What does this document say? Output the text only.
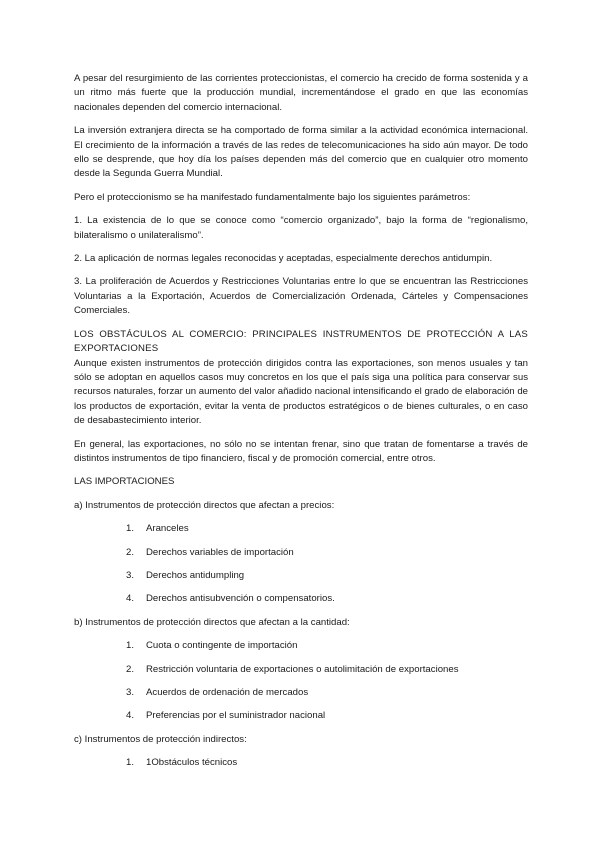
A pesar del resurgimiento de las corrientes proteccionistas, el comercio ha crecido de forma sostenida y a un ritmo más fuerte que la producción mundial, incrementándose el grado en que las economías nacionales dependen del comercio internacional.

La inversión extranjera directa se ha comportado de forma similar a la actividad económica internacional. El crecimiento de la información a través de las redes de telecomunicaciones ha sido aún mayor. De todo ello se desprende, que hoy día los países dependen más del comercio que en cualquier otro momento desde la Segunda Guerra Mundial.

Pero el proteccionismo se ha manifestado fundamentalmente bajo los siguientes parámetros:

1. La existencia de lo que se conoce como “comercio organizado”, bajo la forma de “regionalismo, bilateralismo o unilateralismo”.

2. La aplicación de normas legales reconocidas y aceptadas, especialmente derechos antidumpin.

3. La proliferación de Acuerdos y Restricciones Voluntarias entre lo que se encuentran las Restricciones Voluntarias a la Exportación, Acuerdos de Comercialización Ordenada, Cárteles y Compensaciones Comerciales.

LOS OBSTÁCULOS AL COMERCIO: PRINCIPALES INSTRUMENTOS DE PROTECCIÓN A LAS EXPORTACIONES

Aunque existen instrumentos de protección dirigidos contra las exportaciones, son menos usuales y tan sólo se adoptan en aquellos casos muy concretos en los que el país siga una política para conservar sus recursos naturales, forzar un aumento del valor añadido nacional intensificando el grado de elaboración de los productos de exportación, evitar la venta de productos estratégicos o de bienes culturales, o en caso de desabastecimiento interior.

En general, las exportaciones, no sólo no se intentan frenar, sino que tratan de fomentarse a través de distintos instrumentos de tipo financiero, fiscal y de promoción comercial, entre otros.

LAS IMPORTACIONES

a) Instrumentos de protección directos que afectan a precios:

1. Aranceles
2. Derechos variables de importación
3. Derechos antidumpling
4. Derechos antisubvención o compensatorios.

b) Instrumentos de protección directos que afectan a la cantidad:

1. Cuota o contingente de importación
2. Restricción voluntaria de exportaciones o autolimitación de exportaciones
3. Acuerdos de ordenación de mercados
4. Preferencias por el suministrador nacional

c) Instrumentos de protección indirectos:

1. 1Obstáculos técnicos
